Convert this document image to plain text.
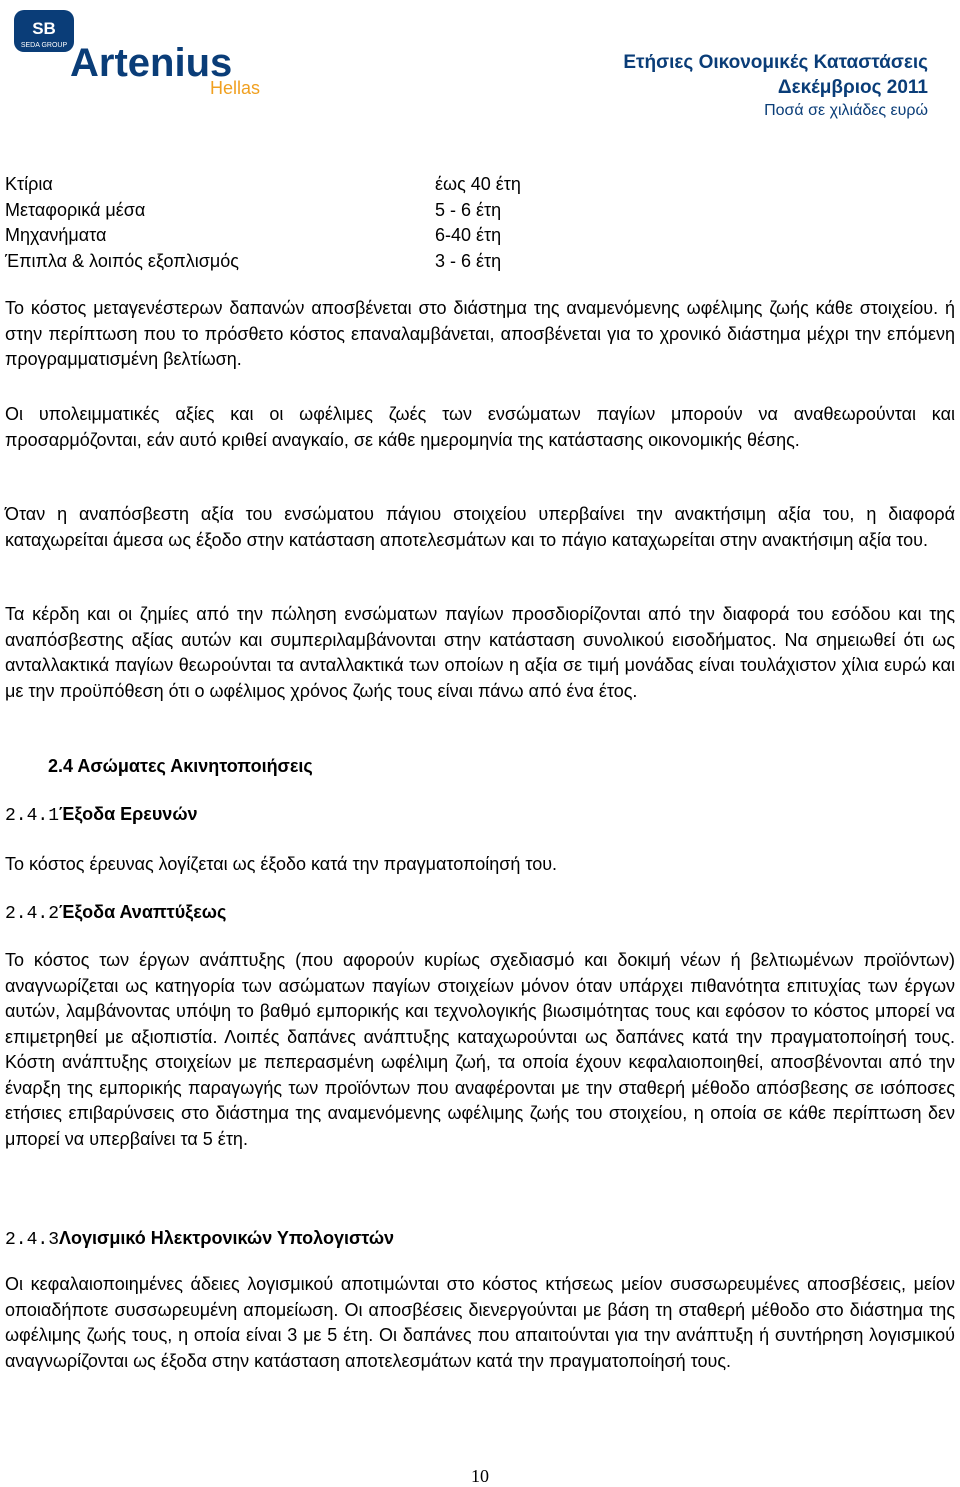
SB
SEDA GROUP Artenius
Hellas
Ετήσιες Οικονομικές Καταστάσεις
Δεκέμβριος 2011
Ποσά σε χιλιάδες ευρώ
Κτίρια	έως 40 έτη
Μεταφορικά μέσα	5 - 6 έτη
Μηχανήματα	6-40 έτη
Έπιπλα & λοιπός εξοπλισμός	3 - 6 έτη

Το κόστος μεταγενέστερων δαπανών αποσβένεται στο διάστημα της αναμενόμενης ωφέλιμης ζωής κάθε στοιχείου. ή στην περίπτωση που το πρόσθετο κόστος επαναλαμβάνεται, αποσβένεται για το χρονικό διάστημα μέχρι την επόμενη προγραμματισμένη βελτίωση.

Οι υπολειμματικές αξίες και οι ωφέλιμες ζωές των ενσώματων παγίων μπορούν να αναθεωρούνται και προσαρμόζονται, εάν αυτό κριθεί αναγκαίο, σε κάθε ημερομηνία της κατάστασης οικονομικής θέσης.

Όταν η αναπόσβεστη αξία του ενσώματου πάγιου στοιχείου υπερβαίνει την ανακτήσιμη αξία του, η διαφορά καταχωρείται άμεσα ως έξοδο στην κατάσταση αποτελεσμάτων και το πάγιο καταχωρείται στην ανακτήσιμη αξία του.

Τα κέρδη και οι ζημίες από την πώληση ενσώματων παγίων προσδιορίζονται από την διαφορά του εσόδου και της αναπόσβεστης αξίας αυτών και συμπεριλαμβάνονται στην κατάσταση συνολικού εισοδήματος. Να σημειωθεί ότι ως ανταλλακτικά παγίων θεωρούνται τα ανταλλακτικά των οποίων η αξία σε τιμή μονάδας είναι τουλάχιστον χίλια ευρώ και με την προϋπόθεση ότι ο ωφέλιμος χρόνος ζωής τους είναι πάνω από ένα έτος.

2.4 Ασώματες Ακινητοποιήσεις
2.4.1Έξοδα Ερευνών

Το κόστος έρευνας λογίζεται ως έξοδο κατά την πραγματοποίησή του.

2.4.2Έξοδα Αναπτύξεως

Το κόστος των έργων ανάπτυξης (που αφορούν κυρίως σχεδιασμό και δοκιμή νέων ή βελτιωμένων προϊόντων) αναγνωρίζεται ως κατηγορία των ασώματων παγίων στοιχείων μόνον όταν υπάρχει πιθανότητα επιτυχίας των έργων αυτών, λαμβάνοντας υπόψη το βαθμό εμπορικής και τεχνολογικής βιωσιμότητας τους και εφόσον το κόστος μπορεί να επιμετρηθεί με αξιοπιστία. Λοιπές δαπάνες ανάπτυξης καταχωρούνται ως δαπάνες κατά την πραγματοποίησή τους. Κόστη ανάπτυξης στοιχείων με πεπερασμένη ωφέλιμη ζωή, τα οποία έχουν κεφαλαιοποιηθεί, αποσβένονται από την έναρξη της εμπορικής παραγωγής των προϊόντων που αναφέρονται με την σταθερή μέθοδο απόσβεσης σε ισόποσες ετήσιες επιβαρύνσεις στο διάστημα της αναμενόμενης ωφέλιμης ζωής του στοιχείου, η οποία σε κάθε περίπτωση δεν μπορεί να υπερβαίνει τα 5 έτη.

2.4.3Λογισμικό Ηλεκτρονικών Υπολογιστών

Οι κεφαλαιοποιημένες άδειες λογισμικού αποτιμώνται στο κόστος κτήσεως μείον συσσωρευμένες αποσβέσεις, μείον οποιαδήποτε συσσωρευμένη απομείωση. Οι αποσβέσεις διενεργούνται με βάση τη σταθερή μέθοδο στο διάστημα της ωφέλιμης ζωής τους, η οποία είναι 3 με 5 έτη. Οι δαπάνες που απαιτούνται για την ανάπτυξη ή συντήρηση λογισμικού αναγνωρίζονται ως έξοδα στην κατάσταση αποτελεσμάτων κατά την πραγματοποίησή τους.

10
